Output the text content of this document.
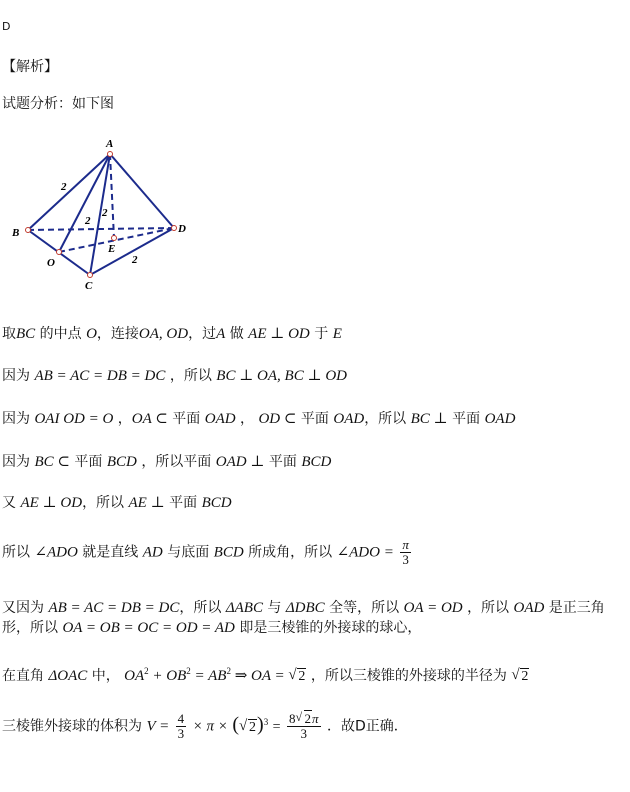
D
【解析】
试题分析：如下图
A
B
C
D
O
E
2
2
2
2
取BC 的中点 O，连接OA, OD，过A 做 AE ⊥ OD 于 E
因为 AB = AC = DB = DC ，所以 BC ⊥ OA, BC ⊥ OD
因为 OAI OD = O ，OA ⊂ 平面 OAD ， OD ⊂ 平面 OAD，所以 BC ⊥ 平面 OAD
因为 BC ⊂ 平面 BCD ，所以平面 OAD ⊥ 平面 BCD
又 AE ⊥ OD，所以 AE ⊥ 平面 BCD
所以 ∠ADO 就是直线 AD 与底面 BCD 所成角，所以 ∠ADO = $\frac{\pi}{3}$
又因为 AB = AC = DB = DC，所以 ΔABC 与 ΔDBC 全等，所以 OA = OD ，所以 OAD 是正三角
形，所以 OA = OB = OC = OD = AD 即是三棱锥的外接球的球心，
在直角 ΔOAC 中， $OA^2 + OB^2 = AB^2$ ⇒ OA = √ 2 ，所以三棱锥的外接球的半径为 √ 2
三棱锥外接球的体积为 $V = \frac{4}{3} \times \pi$ × ( √ $2)^3 = \frac{8 √ 2\pi}{3}$ ．故D正确．
